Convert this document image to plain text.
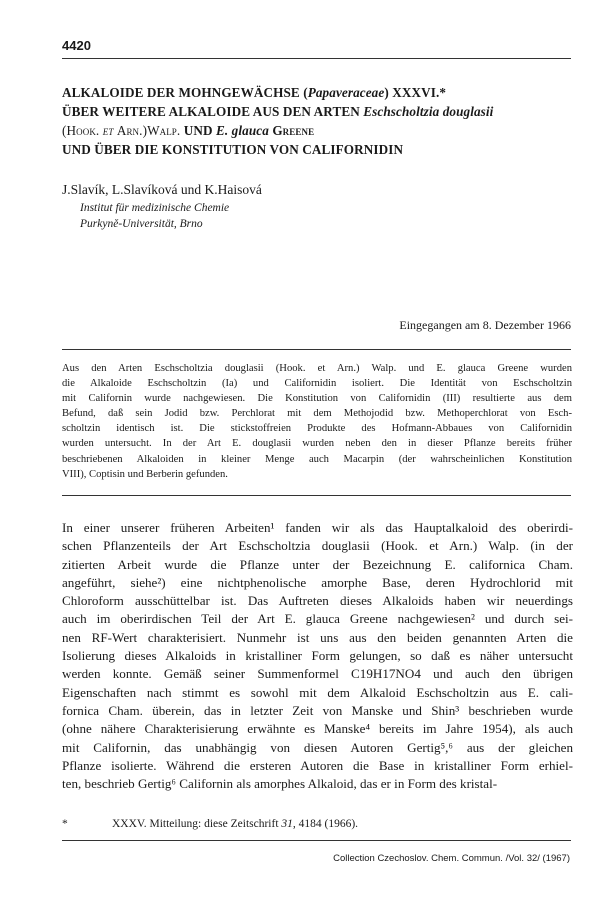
4420
ALKALOIDE DER MOHNGEWÄCHSE (Papaveraceae) XXXVI.*
ÜBER WEITERE ALKALOIDE AUS DEN ARTEN Eschscholtzia douglasii
(Hook. et Arn.)Walp. UND E. glauca Greene
UND ÜBER DIE KONSTITUTION VON CALIFORNIDIN
J.Slavík, L.Slavíková und K.Haisová
Institut für medizinische Chemie
Purkyně-Universität, Brno
Eingegangen am 8. Dezember 1966
Aus den Arten Eschscholtzia douglasii (Hook. et Arn.) Walp. und E. glauca Greene wurden
die Alkaloide Eschscholtzin (Ia) und Californidin isoliert. Die Identität von Eschscholtzin
mit Californin wurde nachgewiesen. Die Konstitution von Californidin (III) resultierte aus dem
Befund, daß sein Jodid bzw. Perchlorat mit dem Methojodid bzw. Methoperchlorat von Esch-
scholtzin identisch ist. Die stickstoffreien Produkte des Hofmann-Abbaues von Californidin
wurden untersucht. In der Art E. douglasii wurden neben den in dieser Pflanze bereits früher
beschriebenen Alkaloiden in kleiner Menge auch Macarpin (der wahrscheinlichen Konstitution
VIII), Coptisin und Berberin gefunden.
In einer unserer früheren Arbeiten¹ fanden wir als das Hauptalkaloid des oberirdi-
schen Pflanzenteils der Art Eschscholtzia douglasii (Hook. et Arn.) Walp. (in der
zitierten Arbeit wurde die Pflanze unter der Bezeichnung E. californica Cham.
angeführt, siehe²) eine nichtphenolische amorphe Base, deren Hydrochlorid mit
Chloroform ausschüttelbar ist. Das Auftreten dieses Alkaloids haben wir neuerdings
auch im oberirdischen Teil der Art E. glauca Greene nachgewiesen² und durch sei-
nen RF-Wert charakterisiert. Nunmehr ist uns aus den beiden genannten Arten die
Isolierung dieses Alkaloids in kristalliner Form gelungen, so daß es näher untersucht
werden konnte. Gemäß seiner Summenformel C19H17NO4 und auch den übrigen
Eigenschaften nach stimmt es sowohl mit dem Alkaloid Eschscholtzin aus E. cali-
fornica Cham. überein, das in letzter Zeit von Manske und Shin³ beschrieben wurde
(ohne nähere Charakterisierung erwähnte es Manske⁴ bereits im Jahre 1954), als auch
mit Californin, das unabhängig von diesen Autoren Gertig⁵,⁶ aus der gleichen
Pflanze isolierte. Während die ersteren Autoren die Base in kristalliner Form erhiel-
ten, beschrieb Gertig⁶ Californin als amorphes Alkaloid, das er in Form des kristal-
*	XXXV. Mitteilung: diese Zeitschrift 31, 4184 (1966).
Collection Czechoslov. Chem. Commun. /Vol. 32/ (1967)
